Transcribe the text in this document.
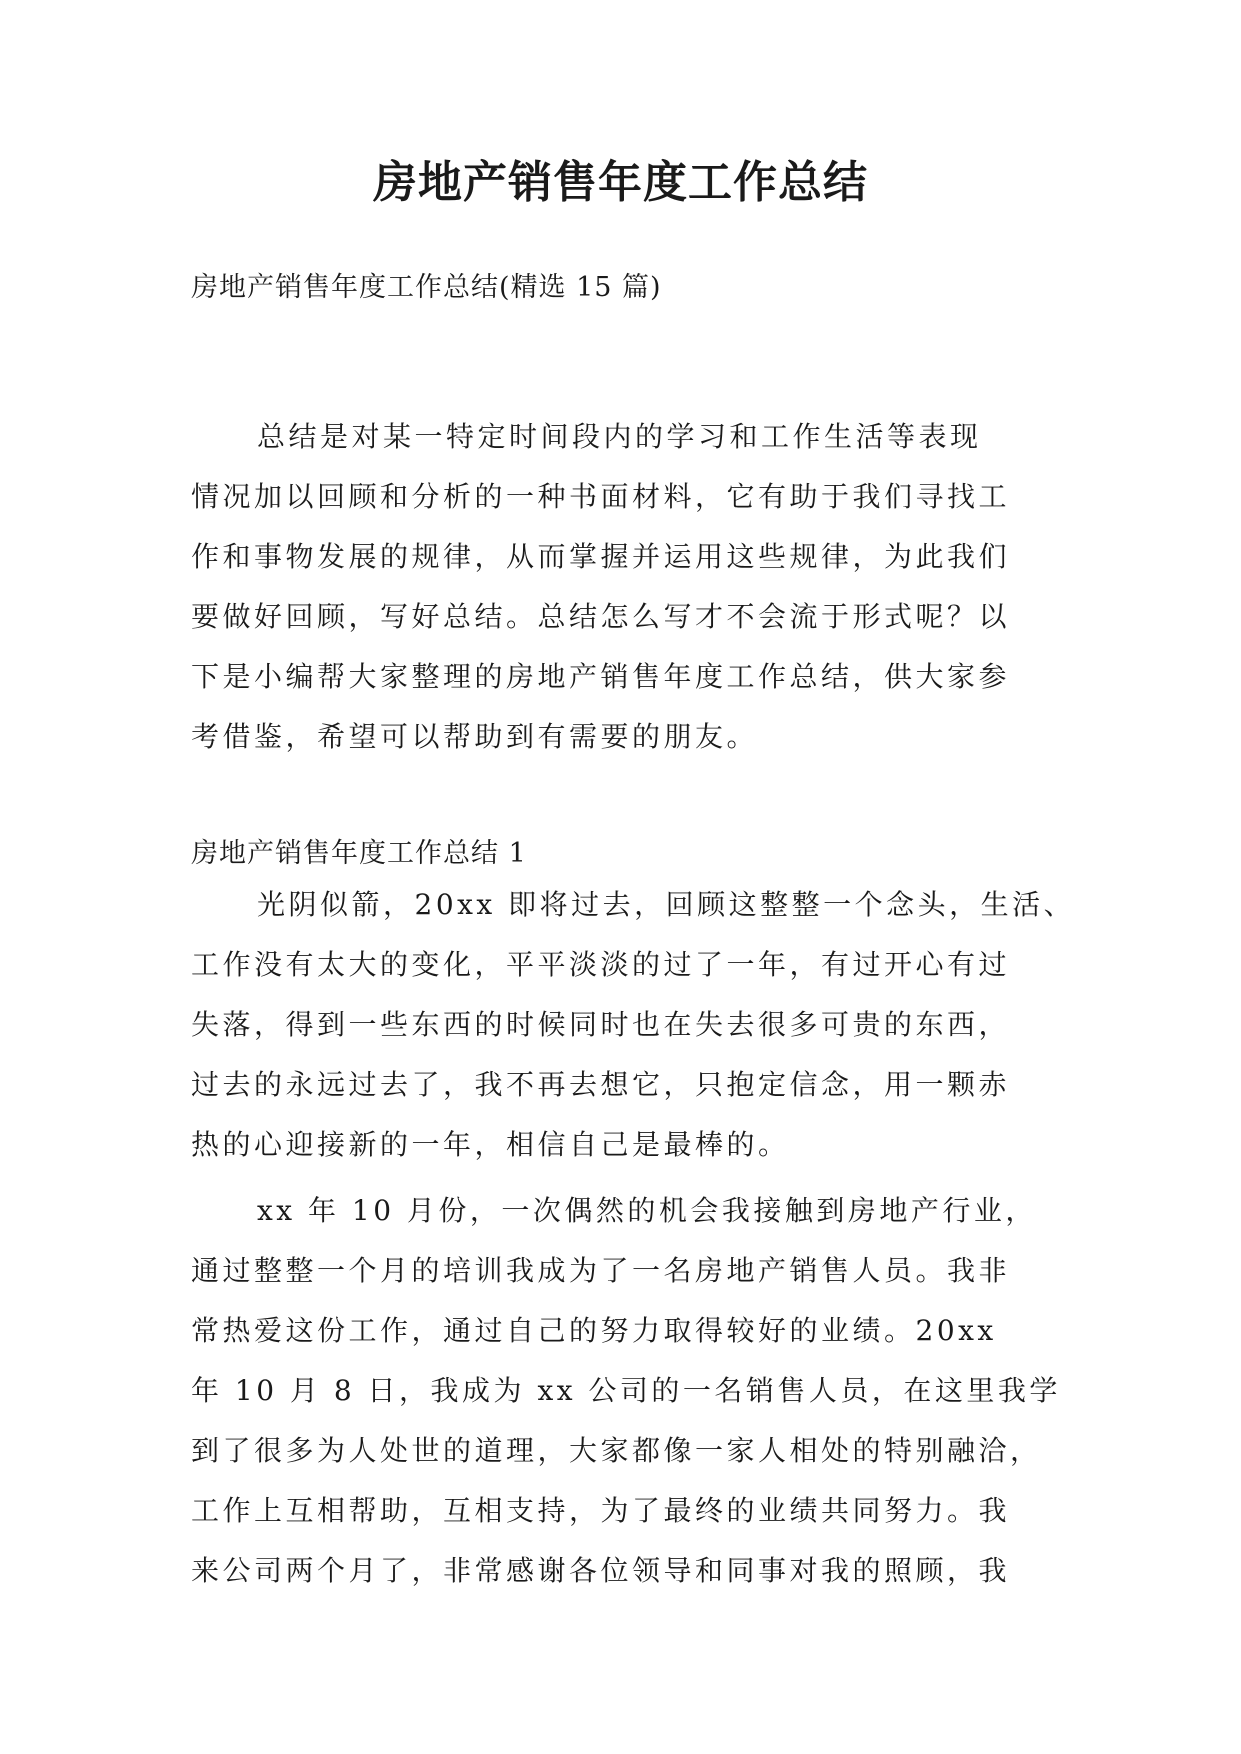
房地产销售年度工作总结
房地产销售年度工作总结(精选 15 篇)
总结是对某一特定时间段内的学习和工作生活等表现
情况加以回顾和分析的一种书面材料，它有助于我们寻找工
作和事物发展的规律，从而掌握并运用这些规律，为此我们
要做好回顾，写好总结。总结怎么写才不会流于形式呢？以
下是小编帮大家整理的房地产销售年度工作总结，供大家参
考借鉴，希望可以帮助到有需要的朋友。
房地产销售年度工作总结 1
光阴似箭，20xx 即将过去，回顾这整整一个念头，生活、
工作没有太大的变化，平平淡淡的过了一年，有过开心有过
失落，得到一些东西的时候同时也在失去很多可贵的东西，
过去的永远过去了，我不再去想它，只抱定信念，用一颗赤
热的心迎接新的一年，相信自己是最棒的。
xx 年 10 月份，一次偶然的机会我接触到房地产行业，
通过整整一个月的培训我成为了一名房地产销售人员。我非
常热爱这份工作，通过自己的努力取得较好的业绩。20xx
年 10 月 8 日，我成为 xx 公司的一名销售人员，在这里我学
到了很多为人处世的道理，大家都像一家人相处的特别融洽，
工作上互相帮助，互相支持，为了最终的业绩共同努力。我
来公司两个月了，非常感谢各位领导和同事对我的照顾，我
